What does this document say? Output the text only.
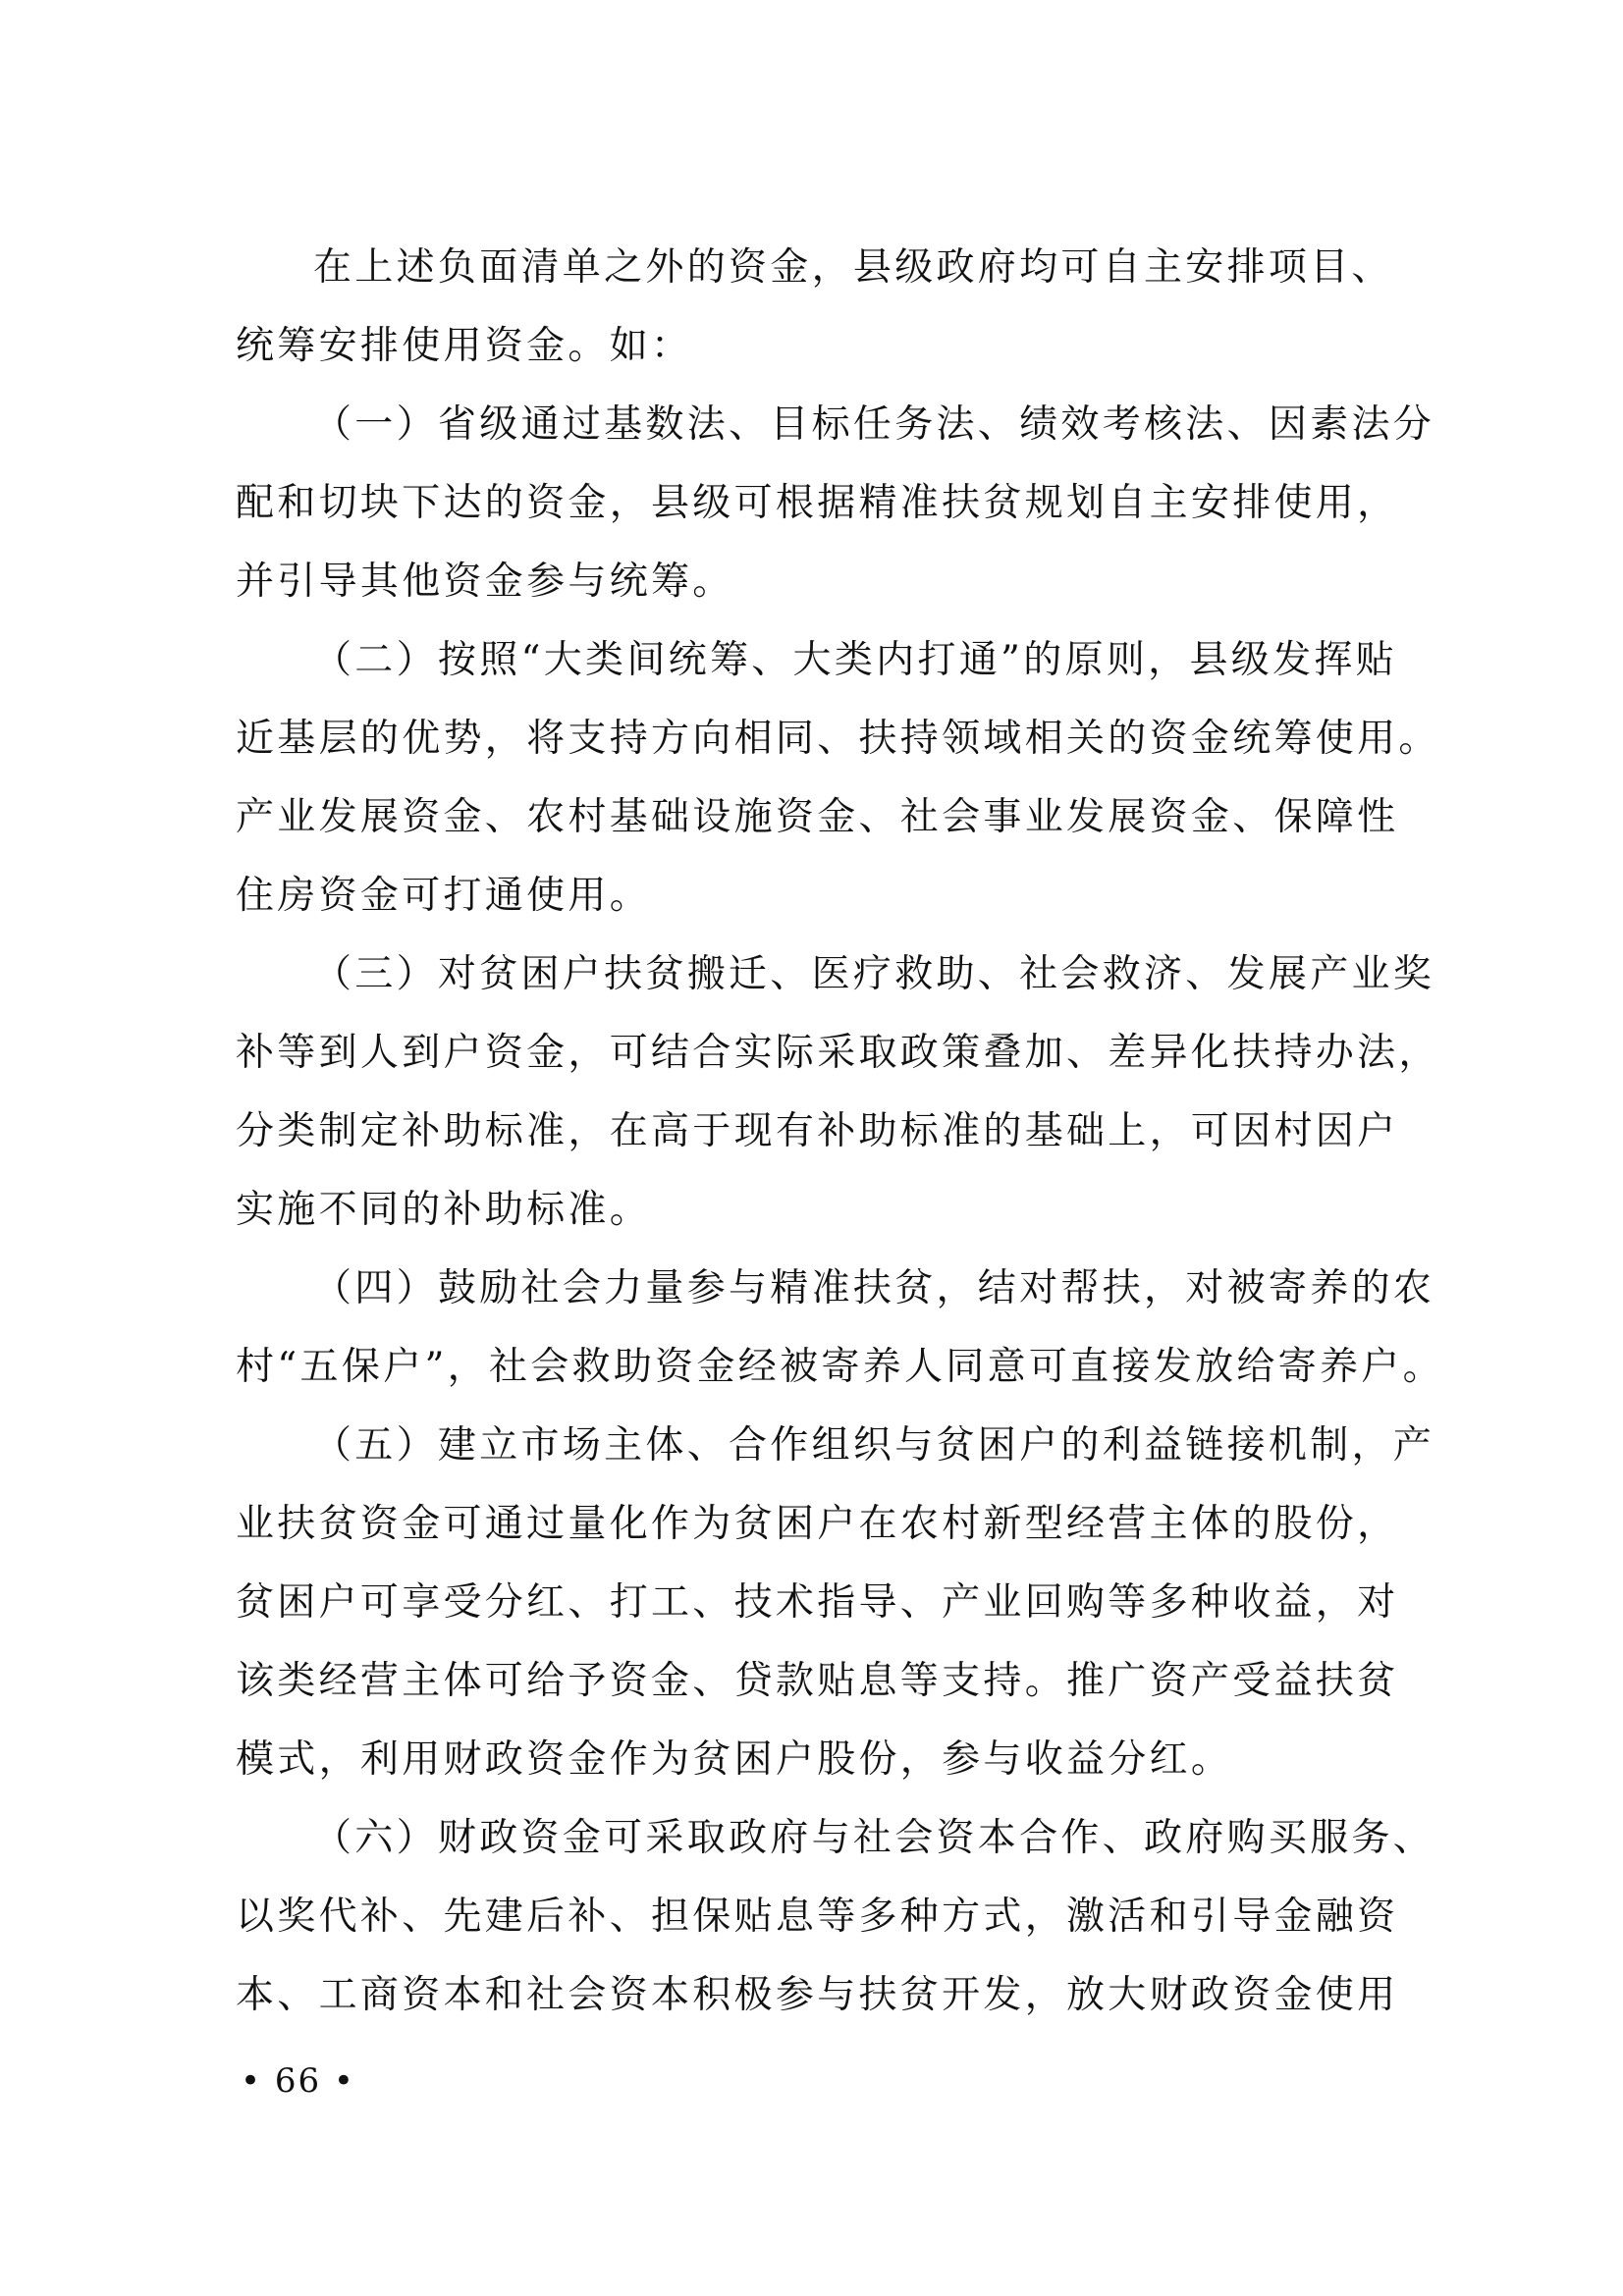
在上述负面清单之外的资金，县级政府均可自主安排项目、
统筹安排使用资金。如：
（一）省级通过基数法、目标任务法、绩效考核法、因素法分
配和切块下达的资金，县级可根据精准扶贫规划自主安排使用，
并引导其他资金参与统筹。
（二）按照“大类间统筹、大类内打通”的原则，县级发挥贴
近基层的优势，将支持方向相同、扶持领域相关的资金统筹使用。
产业发展资金、农村基础设施资金、社会事业发展资金、保障性
住房资金可打通使用。
（三）对贫困户扶贫搬迁、医疗救助、社会救济、发展产业奖
补等到人到户资金，可结合实际采取政策叠加、差异化扶持办法，
分类制定补助标准，在高于现有补助标准的基础上，可因村因户
实施不同的补助标准。
（四）鼓励社会力量参与精准扶贫，结对帮扶，对被寄养的农
村“五保户”，社会救助资金经被寄养人同意可直接发放给寄养户。
（五）建立市场主体、合作组织与贫困户的利益链接机制，产
业扶贫资金可通过量化作为贫困户在农村新型经营主体的股份，
贫困户可享受分红、打工、技术指导、产业回购等多种收益，对
该类经营主体可给予资金、贷款贴息等支持。推广资产受益扶贫
模式，利用财政资金作为贫困户股份，参与收益分红。
（六）财政资金可采取政府与社会资本合作、政府购买服务、
以奖代补、先建后补、担保贴息等多种方式，激活和引导金融资
本、工商资本和社会资本积极参与扶贫开发，放大财政资金使用
• 66 •
